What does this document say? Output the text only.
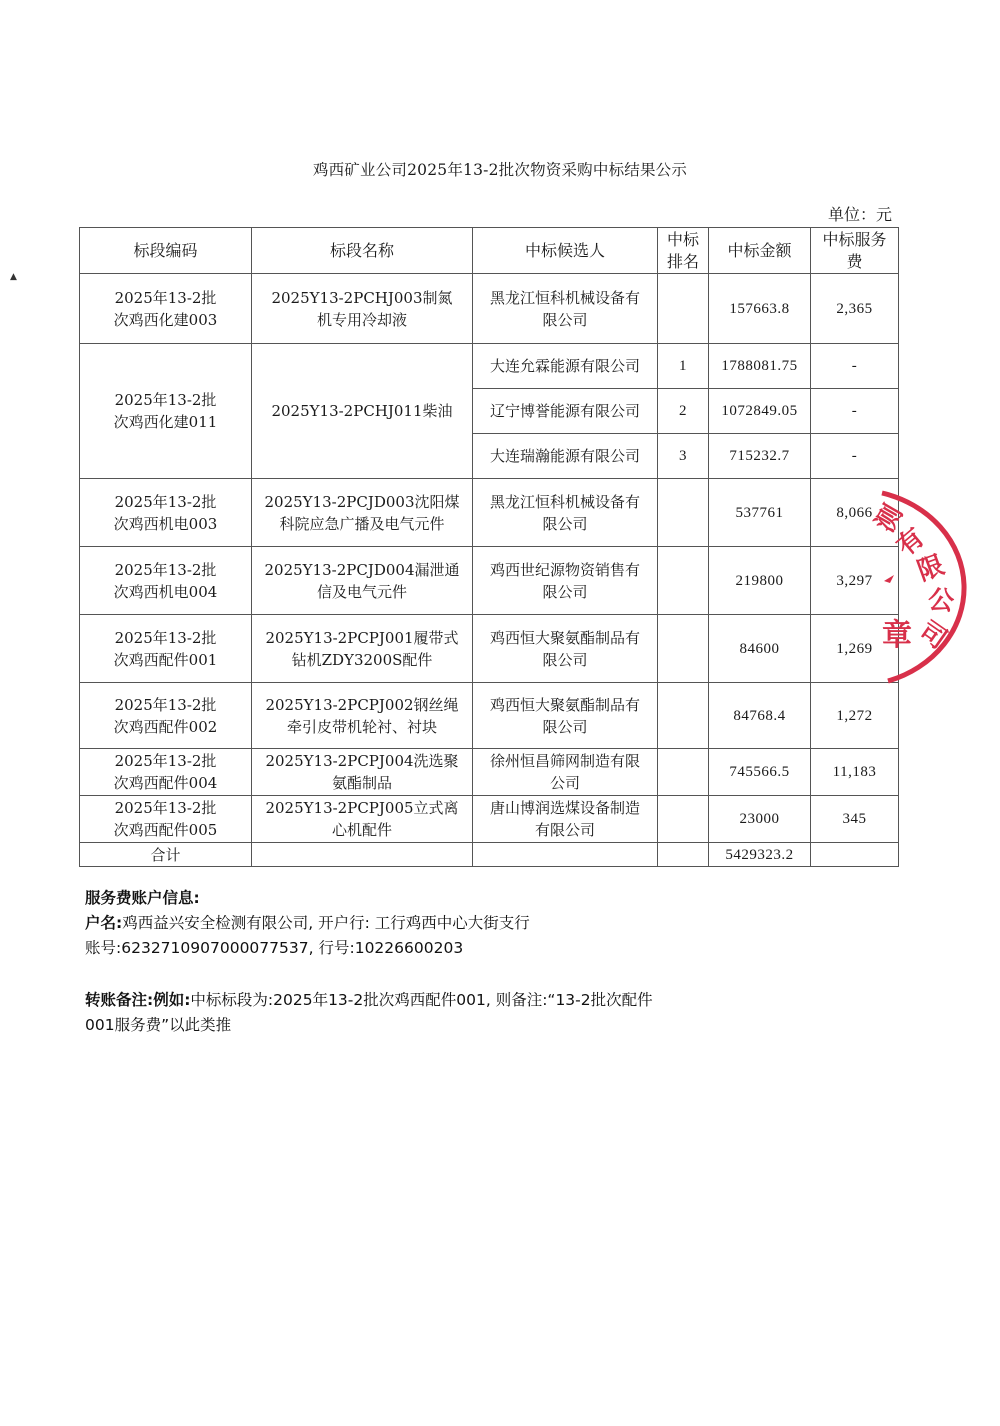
▲
鸡西矿业公司2025年13-2批次物资采购中标结果公示
单位：元
标段编码	标段名称	中标候选人	中标排名	中标金额	中标服务费
2025年13-2批次鸡西化建003	2025Y13-2PCHJ003制氮机专用冷却液	黑龙江恒科机械设备有限公司		157663.8	2,365
2025年13-2批次鸡西化建011	2025Y13-2PCHJ011柴油	大连允霖能源有限公司	1	1788081.75	-
		辽宁博誉能源有限公司	2	1072849.05	-
		大连瑞瀚能源有限公司	3	715232.7	-
2025年13-2批次鸡西机电003	2025Y13-2PCJD003沈阳煤科院应急广播及电气元件	黑龙江恒科机械设备有限公司		537761	8,066
2025年13-2批次鸡西机电004	2025Y13-2PCJD004漏泄通信及电气元件	鸡西世纪源物资销售有限公司		219800	3,297
2025年13-2批次鸡西配件001	2025Y13-2PCPJ001履带式钻机ZDY3200S配件	鸡西恒大聚氨酯制品有限公司		84600	1,269
2025年13-2批次鸡西配件002	2025Y13-2PCPJ002钢丝绳牵引皮带机轮衬、衬块	鸡西恒大聚氨酯制品有限公司		84768.4	1,272
2025年13-2批次鸡西配件004	2025Y13-2PCPJ004洗选聚氨酯制品	徐州恒昌筛网制造有限公司		745566.5	11,183
2025年13-2批次鸡西配件005	2025Y13-2PCPJ005立式离心机配件	唐山博润选煤设备制造有限公司		23000	345
合计				5429323.2	
测
有
限
公
司
章
服务费账户信息:
户名:鸡西益兴安全检测有限公司, 开户行: 工行鸡西中心大街支行
账号:6232710907000077537, 行号:10226600203
转账备注:例如:中标标段为:2025年13-2批次鸡西配件001, 则备注:“13-2批次配件001服务费”以此类推
